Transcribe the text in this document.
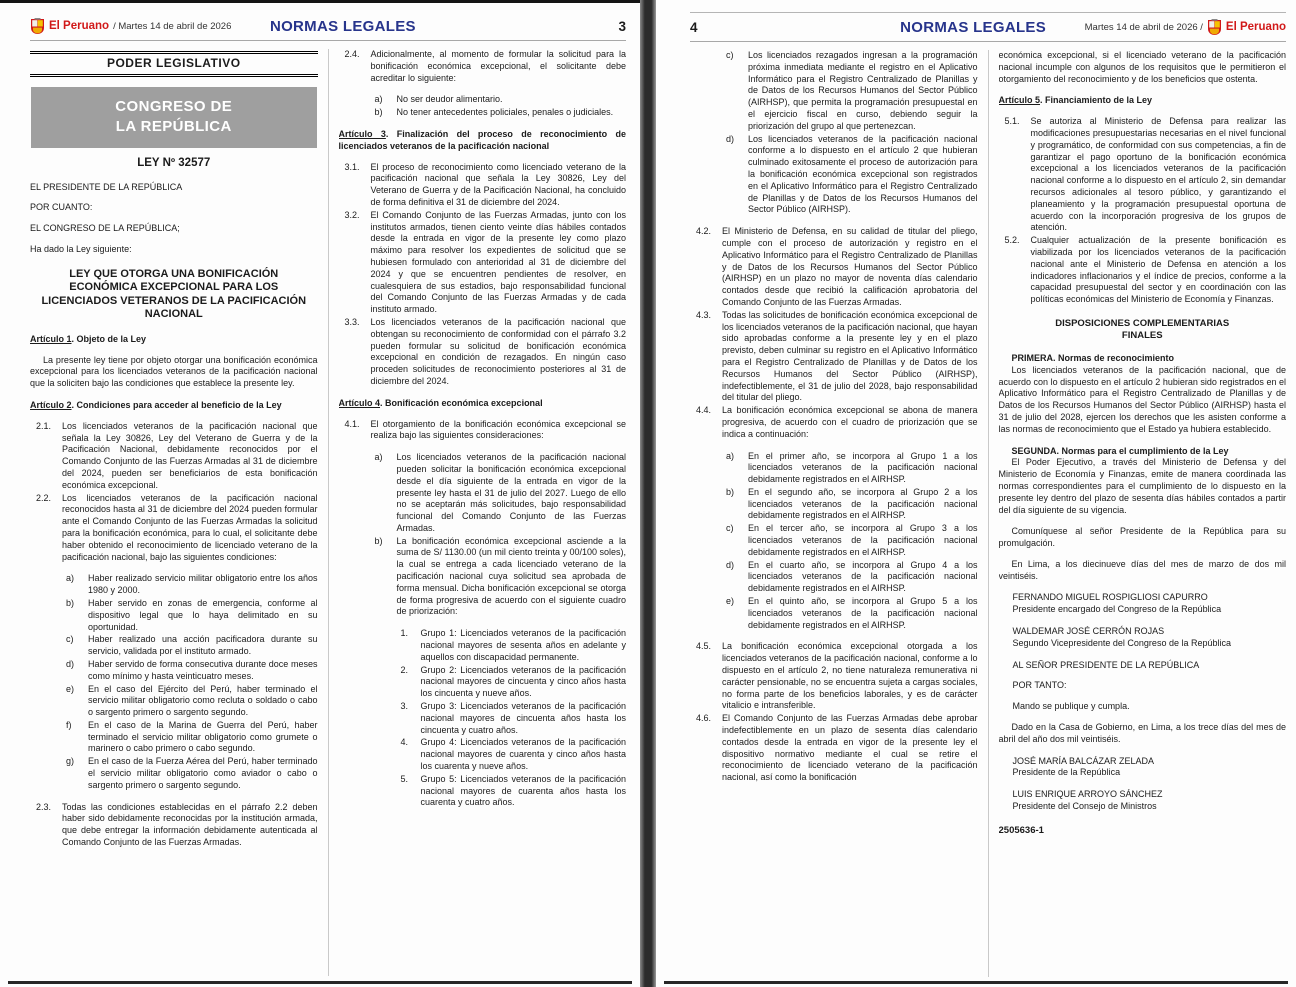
El Peruano / Martes 14 de abril de 2026	NORMAS LEGALES	3
PODER LEGISLATIVO
CONGRESO DE
LA REPÚBLICA
LEY Nº 32577
EL PRESIDENTE DE LA REPÚBLICA
POR CUANTO:
EL CONGRESO DE LA REPÚBLICA;
Ha dado la Ley siguiente:
LEY QUE OTORGA UNA BONIFICACIÓN ECONÓMICA EXCEPCIONAL PARA LOS LICENCIADOS VETERANOS DE LA PACIFICACIÓN NACIONAL

Artículo 1. Objeto de la Ley

La presente ley tiene por objeto otorgar una bonificación económica excepcional para los licenciados veteranos de la pacificación nacional que la soliciten bajo las condiciones que establece la presente ley.

Artículo 2. Condiciones para acceder al beneficio de la Ley

2.1.	Los licenciados veteranos de la pacificación nacional que señala la Ley 30826, Ley del Veterano de Guerra y de la Pacificación Nacional, debidamente reconocidos por el Comando Conjunto de las Fuerzas Armadas al 31 de diciembre del 2024, pueden ser beneficiarios de esta bonificación económica excepcional.
2.2.	Los licenciados veteranos de la pacificación nacional reconocidos hasta al 31 de diciembre del 2024 pueden formular ante el Comando Conjunto de las Fuerzas Armadas la solicitud para la bonificación económica, para lo cual, el solicitante debe haber obtenido el reconocimiento de licenciado veterano de la pacificación nacional, bajo las siguientes condiciones:
a)	Haber realizado servicio militar obligatorio entre los años 1980 y 2000.
b)	Haber servido en zonas de emergencia, conforme al dispositivo legal que lo haya delimitado en su oportunidad.
c)	Haber realizado una acción pacificadora durante su servicio, validada por el instituto armado.
d)	Haber servido de forma consecutiva durante doce meses como mínimo y hasta veinticuatro meses.
e)	En el caso del Ejército del Perú, haber terminado el servicio militar obligatorio como recluta o soldado o cabo o sargento primero o sargento segundo.
f)	En el caso de la Marina de Guerra del Perú, haber terminado el servicio militar obligatorio como grumete o marinero o cabo primero o cabo segundo.
g)	En el caso de la Fuerza Aérea del Perú, haber terminado el servicio militar obligatorio como aviador o cabo o sargento primero o sargento segundo.
2.3.	Todas las condiciones establecidas en el párrafo 2.2 deben haber sido debidamente reconocidas por la institución armada, que debe entregar la información debidamente autenticada al Comando Conjunto de las Fuerzas Armadas.
2.4.	Adicionalmente, al momento de formular la solicitud para la bonificación económica excepcional, el solicitante debe acreditar lo siguiente:
a)	No ser deudor alimentario.
b)	No tener antecedentes policiales, penales o judiciales.

Artículo 3. Finalización del proceso de reconocimiento de licenciados veteranos de la pacificación nacional

3.1.	El proceso de reconocimiento como licenciado veterano de la pacificación nacional que señala la Ley 30826, Ley del Veterano de Guerra y de la Pacificación Nacional, ha concluido de forma definitiva el 31 de diciembre del 2024.
3.2.	El Comando Conjunto de las Fuerzas Armadas, junto con los institutos armados, tienen ciento veinte días hábiles contados desde la entrada en vigor de la presente ley como plazo máximo para resolver los expedientes de solicitud que se hubiesen formulado con anterioridad al 31 de diciembre del 2024 y que se encuentren pendientes de resolver, en cualesquiera de sus estadios, bajo responsabilidad funcional del Comando Conjunto de las Fuerzas Armadas y de cada instituto armado.
3.3.	Los licenciados veteranos de la pacificación nacional que obtengan su reconocimiento de conformidad con el párrafo 3.2 pueden formular su solicitud de bonificación económica excepcional en condición de rezagados. En ningún caso proceden solicitudes de reconocimiento posteriores al 31 de diciembre del 2024.

Artículo 4. Bonificación económica excepcional

4.1.	El otorgamiento de la bonificación económica excepcional se realiza bajo las siguientes consideraciones:
a)	Los licenciados veteranos de la pacificación nacional pueden solicitar la bonificación económica excepcional desde el día siguiente de la entrada en vigor de la presente ley hasta el 31 de julio del 2027. Luego de ello no se aceptarán más solicitudes, bajo responsabilidad funcional del Comando Conjunto de las Fuerzas Armadas.
b)	La bonificación económica excepcional asciende a la suma de S/ 1130.00 (un mil ciento treinta y 00/100 soles), la cual se entrega a cada licenciado veterano de la pacificación nacional cuya solicitud sea aprobada de forma mensual. Dicha bonificación excepcional se otorga de forma progresiva de acuerdo con el siguiente cuadro de priorización:
1.	Grupo 1: Licenciados veteranos de la pacificación nacional mayores de sesenta años en adelante y aquellos con discapacidad permanente.
2.	Grupo 2: Licenciados veteranos de la pacificación nacional mayores de cincuenta y cinco años hasta los cincuenta y nueve años.
3.	Grupo 3: Licenciados veteranos de la pacificación nacional mayores de cincuenta años hasta los cincuenta y cuatro años.
4.	Grupo 4: Licenciados veteranos de la pacificación nacional mayores de cuarenta y cinco años hasta los cuarenta y nueve años.
5.	Grupo 5: Licenciados veteranos de la pacificación nacional mayores de cuarenta años hasta los cuarenta y cuatro años.
4	NORMAS LEGALES	Martes 14 de abril de 2026 / El Peruano
c)	Los licenciados rezagados ingresan a la programación próxima inmediata mediante el registro en el Aplicativo Informático para el Registro Centralizado de Planillas y de Datos de los Recursos Humanos del Sector Público (AIRHSP), que permita la programación presupuestal en el ejercicio fiscal en curso, debiendo seguir la priorización del grupo al que pertenezcan.
d)	Los licenciados veteranos de la pacificación nacional conforme a lo dispuesto en el artículo 2 que hubieran culminado exitosamente el proceso de autorización para la bonificación económica excepcional son registrados en el Aplicativo Informático para el Registro Centralizado de Planillas y de Datos de los Recursos Humanos del Sector Público (AIRHSP).
4.2.	El Ministerio de Defensa, en su calidad de titular del pliego, cumple con el proceso de autorización y registro en el Aplicativo Informático para el Registro Centralizado de Planillas y de Datos de los Recursos Humanos del Sector Público (AIRHSP) en un plazo no mayor de noventa días calendario contados desde que recibió la calificación aprobatoria del Comando Conjunto de las Fuerzas Armadas.
4.3.	Todas las solicitudes de bonificación económica excepcional de los licenciados veteranos de la pacificación nacional, que hayan sido aprobadas conforme a la presente ley y en el plazo previsto, deben culminar su registro en el Aplicativo Informático para el Registro Centralizado de Planillas y de Datos de los Recursos Humanos del Sector Público (AIRHSP), indefectiblemente, el 31 de julio del 2028, bajo responsabilidad del titular del pliego.
4.4.	La bonificación económica excepcional se abona de manera progresiva, de acuerdo con el cuadro de priorización que se indica a continuación:
a)	En el primer año, se incorpora al Grupo 1 a los licenciados veteranos de la pacificación nacional debidamente registrados en el AIRHSP.
b)	En el segundo año, se incorpora al Grupo 2 a los licenciados veteranos de la pacificación nacional debidamente registrados en el AIRHSP.
c)	En el tercer año, se incorpora al Grupo 3 a los licenciados veteranos de la pacificación nacional debidamente registrados en el AIRHSP.
d)	En el cuarto año, se incorpora al Grupo 4 a los licenciados veteranos de la pacificación nacional debidamente registrados en el AIRHSP.
e)	En el quinto año, se incorpora al Grupo 5 a los licenciados veteranos de la pacificación nacional debidamente registrados en el AIRHSP.
4.5.	La bonificación económica excepcional otorgada a los licenciados veteranos de la pacificación nacional, conforme a lo dispuesto en el artículo 2, no tiene naturaleza remunerativa ni carácter pensionable, no se encuentra sujeta a cargas sociales, no forma parte de los beneficios laborales, y es de carácter vitalicio e intransferible.
4.6.	El Comando Conjunto de las Fuerzas Armadas debe aprobar indefectiblemente en un plazo de sesenta días calendario contados desde la entrada en vigor de la presente ley el dispositivo normativo mediante el cual se retire el reconocimiento de licenciado veterano de la pacificación nacional, así como la bonificación

económica excepcional, si el licenciado veterano de la pacificación nacional incumple con algunos de los requisitos que le permitieron el otorgamiento del reconocimiento y de los beneficios que ostenta.

Artículo 5. Financiamiento de la Ley

5.1.	Se autoriza al Ministerio de Defensa para realizar las modificaciones presupuestarias necesarias en el nivel funcional y programático, de conformidad con sus competencias, a fin de garantizar el pago oportuno de la bonificación económica excepcional a los licenciados veteranos de la pacificación nacional conforme a lo dispuesto en el artículo 2, sin demandar recursos adicionales al tesoro público, y garantizando el planeamiento y la programación presupuestal oportuna de acuerdo con la incorporación progresiva de los grupos de atención.
5.2.	Cualquier actualización de la presente bonificación es viabilizada por los licenciados veteranos de la pacificación nacional ante el Ministerio de Defensa en atención a los indicadores inflacionarios y el índice de precios, conforme a la capacidad presupuestal del sector y en coordinación con las políticas económicas del Ministerio de Economía y Finanzas.
DISPOSICIONES COMPLEMENTARIAS
FINALES

PRIMERA. Normas de reconocimiento

Los licenciados veteranos de la pacificación nacional, que de acuerdo con lo dispuesto en el artículo 2 hubieran sido registrados en el Aplicativo Informático para el Registro Centralizado de Planillas y de Datos de los Recursos Humanos del Sector Público (AIRHSP) hasta el 31 de julio del 2028, ejercen los derechos que les asisten conforme a las normas de reconocimiento que el Estado ya hubiera establecido.

SEGUNDA. Normas para el cumplimiento de la Ley

El Poder Ejecutivo, a través del Ministerio de Defensa y del Ministerio de Economía y Finanzas, emite de manera coordinada las normas correspondientes para el cumplimiento de lo dispuesto en la presente ley dentro del plazo de sesenta días hábiles contados a partir del día siguiente de su vigencia.

Comuníquese al señor Presidente de la República para su promulgación.

En Lima, a los diecinueve días del mes de marzo de dos mil veintiséis.

FERNANDO MIGUEL ROSPIGLIOSI CAPURRO
Presidente encargado del Congreso de la República
WALDEMAR JOSÉ CERRÓN ROJAS
Segundo Vicepresidente del Congreso de la República
AL SEÑOR PRESIDENTE DE LA REPÚBLICA
POR TANTO:
Mando se publique y cumpla.

Dado en la Casa de Gobierno, en Lima, a los trece días del mes de abril del año dos mil veintiséis.

JOSÉ MARÍA BALCÁZAR ZELADA
Presidente de la República
LUIS ENRIQUE ARROYO SÁNCHEZ
Presidente del Consejo de Ministros
2505636-1
